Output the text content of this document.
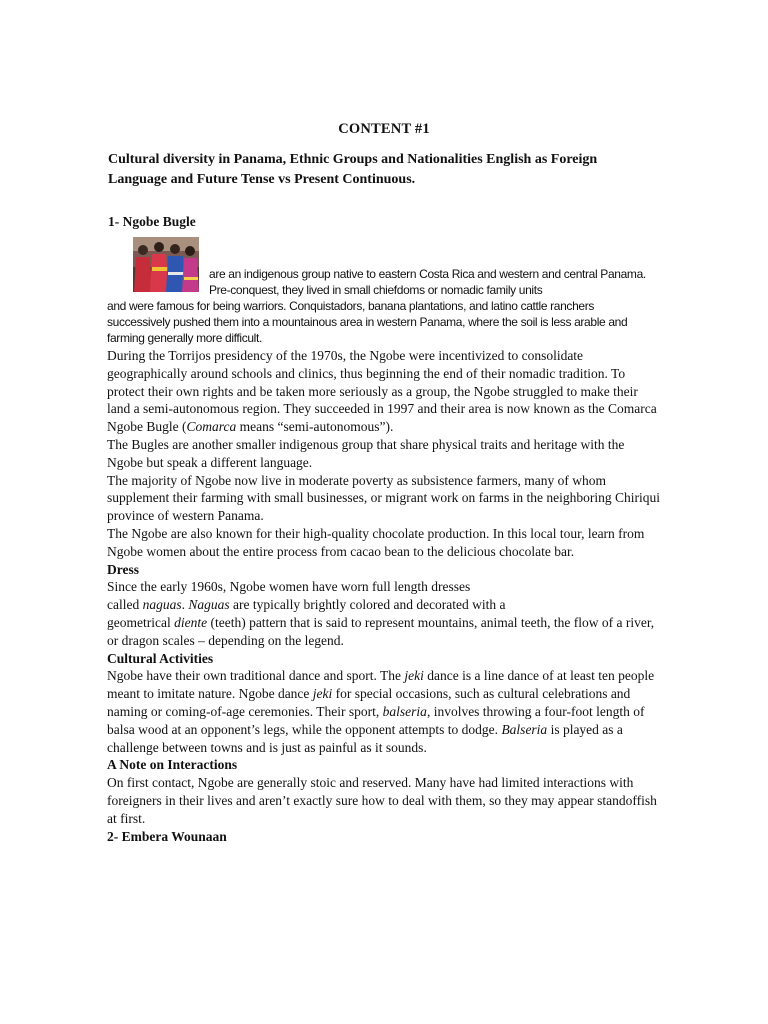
CONTENT #1
Cultural diversity in Panama, Ethnic Groups and Nationalities English as Foreign Language and Future Tense vs Present Continuous.
1- Ngobe Bugle
are an indigenous group native to eastern Costa Rica and western and central Panama. Pre-conquest, they lived in small chiefdoms or nomadic family units
and were famous for being warriors. Conquistadors, banana plantations, and latino cattle ranchers successively pushed them into a mountainous area in western Panama, where the soil is less arable and farming generally more difficult.

During the Torrijos presidency of the 1970s, the Ngobe were incentivized to consolidate geographically around schools and clinics, thus beginning the end of their nomadic tradition. To protect their own rights and be taken more seriously as a group, the Ngobe struggled to make their land a semi-autonomous region. They succeeded in 1997 and their area is now known as the Comarca Ngobe Bugle (Comarca means “semi-autonomous”).

The Bugles are another smaller indigenous group that share physical traits and heritage with the Ngobe but speak a different language.

The majority of Ngobe now live in moderate poverty as subsistence farmers, many of whom supplement their farming with small businesses, or migrant work on farms in the neighboring Chiriqui province of western Panama.

The Ngobe are also known for their high-quality chocolate production. In this local tour, learn from Ngobe women about the entire process from cacao bean to the delicious chocolate bar.

Dress

Since the early 1960s, Ngobe women have worn full length dresses

called naguas. Naguas are typically brightly colored and decorated with a

geometrical diente (teeth) pattern that is said to represent mountains, animal teeth, the flow of a river, or dragon scales – depending on the legend.

Cultural Activities

Ngobe have their own traditional dance and sport. The jeki dance is a line dance of at least ten people meant to imitate nature. Ngobe dance jeki for special occasions, such as cultural celebrations and naming or coming-of-age ceremonies. Their sport, balseria, involves throwing a four-foot length of balsa wood at an opponent’s legs, while the opponent attempts to dodge. Balseria is played as a challenge between towns and is just as painful as it sounds.

A Note on Interactions

On first contact, Ngobe are generally stoic and reserved. Many have had limited interactions with foreigners in their lives and aren’t exactly sure how to deal with them, so they may appear standoffish at first.

2- Embera Wounaan
